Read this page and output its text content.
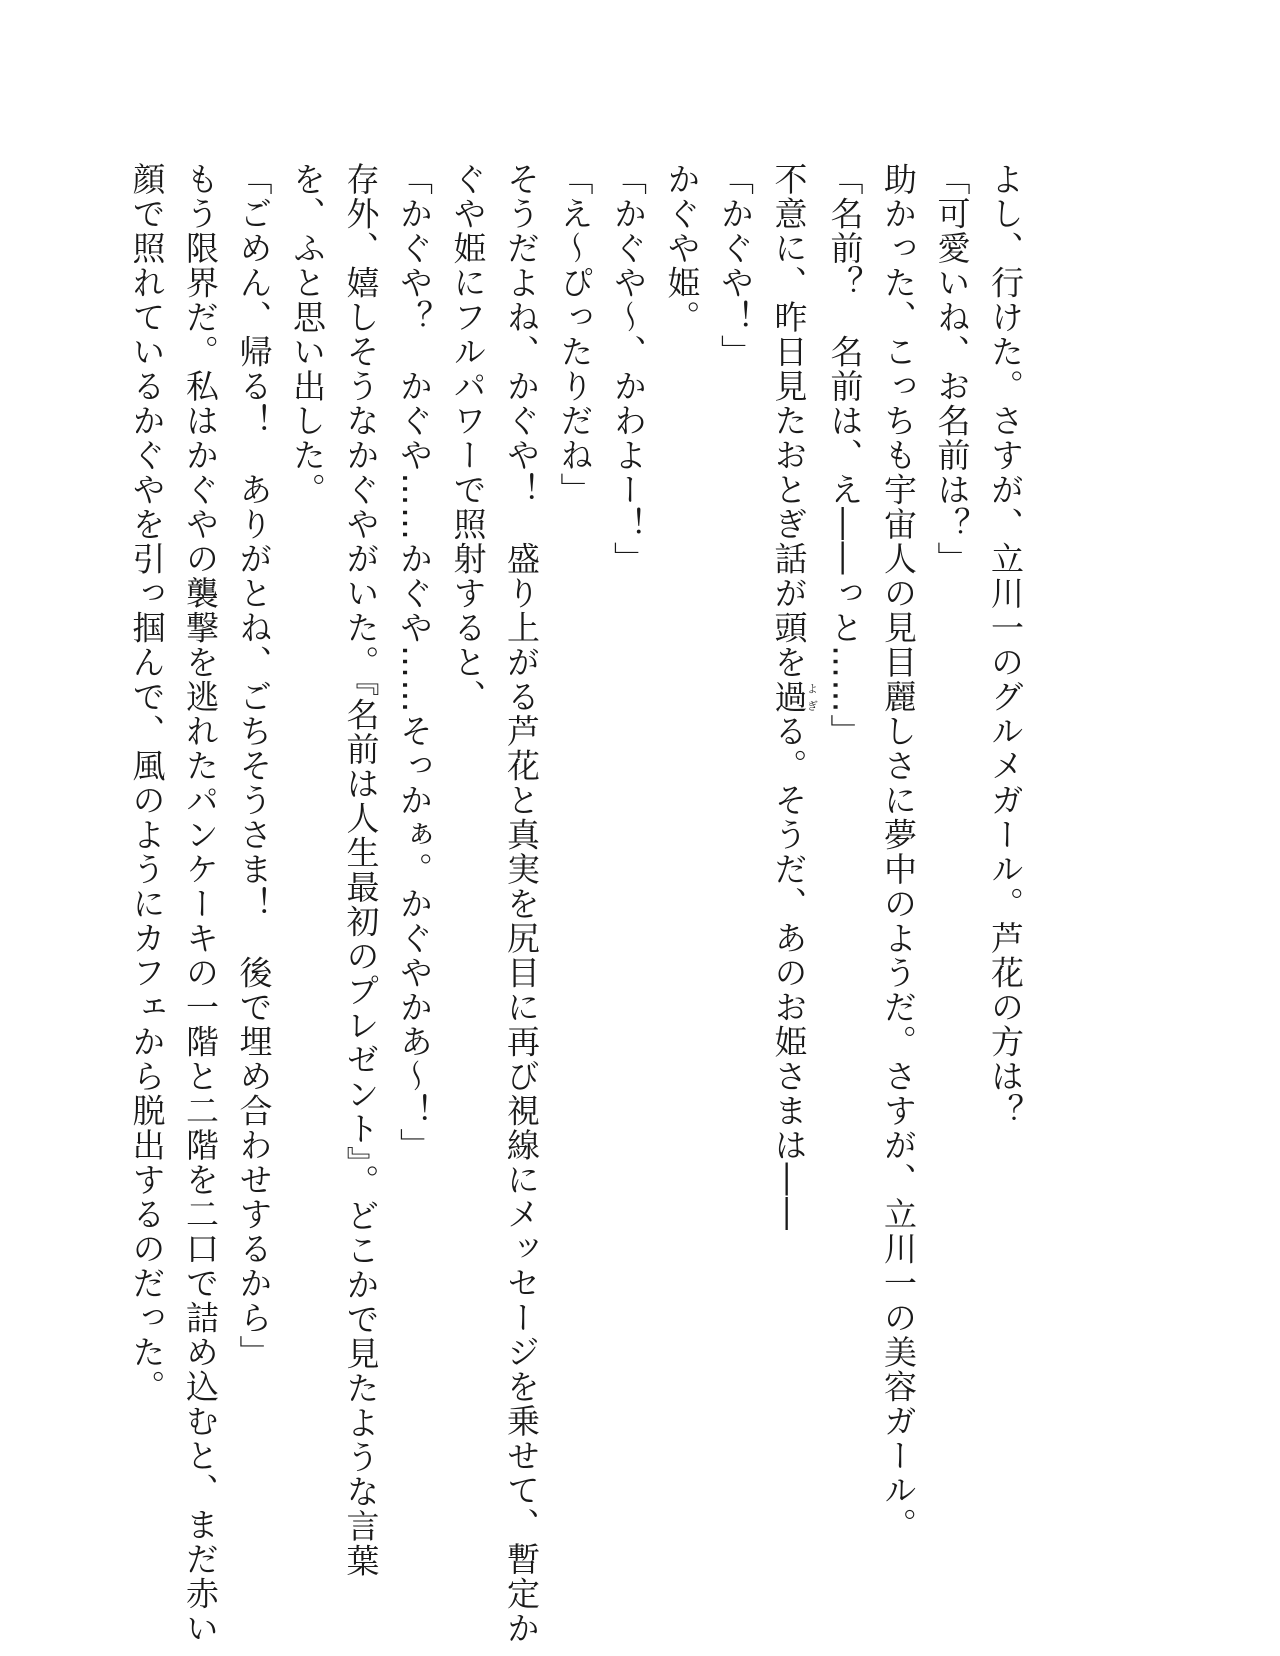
よし、行けた。さすが、立川一のグルメガール。芦花の方は？
「可愛いね、お名前は？」
助かった、こっちも宇宙人の見目麗しさに夢中のようだ。さすが、立川一の美容ガール。
「名前？　名前は、え――っと……」
不意に、昨日見たおとぎ話が頭を過よぎる。そうだ、あのお姫さまは――
「かぐや！」
かぐや姫。
「かぐや〜、かわよー！」
「え〜ぴったりだね」
そうだよね、かぐや！　盛り上がる芦花と真実を尻目に再び視線にメッセージを乗せて、暫定か
ぐや姫にフルパワーで照射すると、
「かぐや？　かぐや……かぐや……そっかぁ。かぐやかあ〜！」
存外、嬉しそうなかぐやがいた。『名前は人生最初のプレゼント』。どこかで見たような言葉
を、ふと思い出した。
「ごめん、帰る！　ありがとね、ごちそうさま！　後で埋め合わせするから」
もう限界だ。私はかぐやの襲撃を逃れたパンケーキの一階と二階を二口で詰め込むと、まだ赤い
顔で照れているかぐやを引っ掴んで、風のようにカフェから脱出するのだった。
